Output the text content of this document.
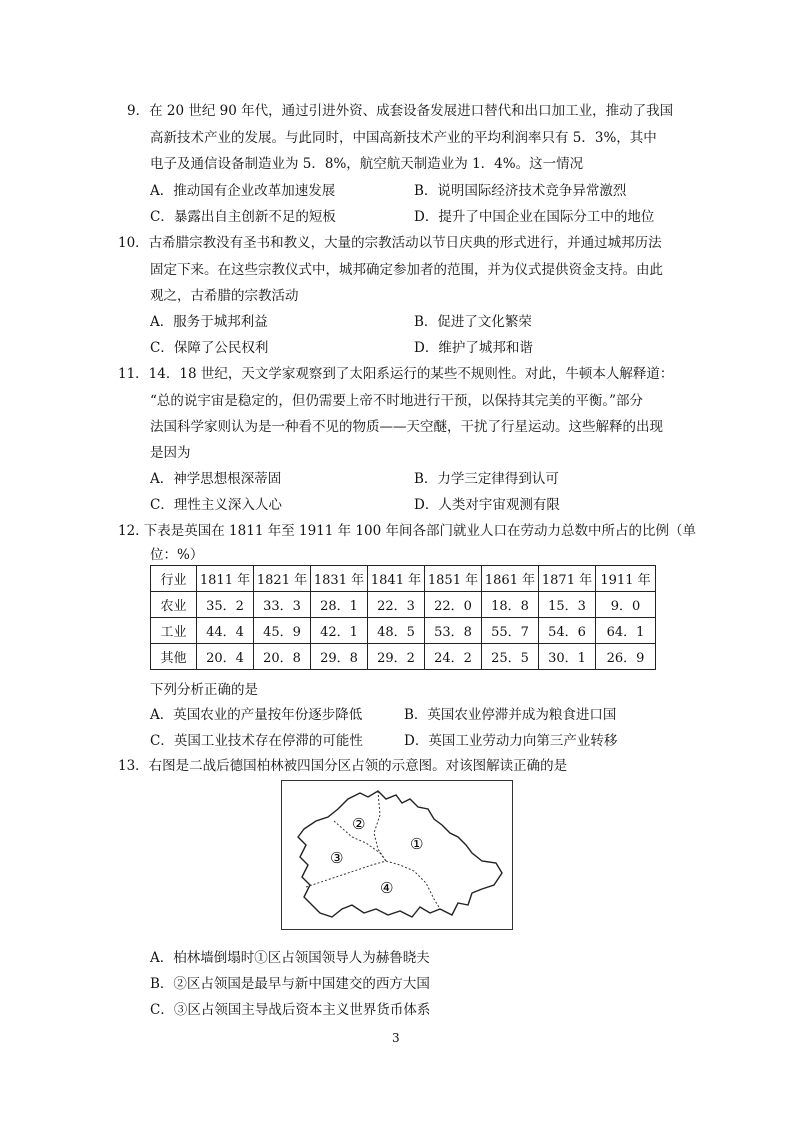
9．在 20 世纪 90 年代，通过引进外资、成套设备发展进口替代和出口加工业，推动了我国
高新技术产业的发展。与此同时，中国高新技术产业的平均利润率只有 5．3%，其中
电子及通信设备制造业为 5．8%，航空航天制造业为 1．4%。这一情况
A．推动国有企业改革加速发展	B．说明国际经济技术竞争异常激烈
C．暴露出自主创新不足的短板	D．提升了中国企业在国际分工中的地位
10．古希腊宗教没有圣书和教义，大量的宗教活动以节日庆典的形式进行，并通过城邦历法
固定下来。在这些宗教仪式中，城邦确定参加者的范围，并为仪式提供资金支持。由此
观之，古希腊的宗教活动
A．服务于城邦利益	B．促进了文化繁荣
C．保障了公民权利	D．维护了城邦和谐
11．14．18 世纪，天文学家观察到了太阳系运行的某些不规则性。对此，牛顿本人解释道：
“总的说宇宙是稳定的，但仍需要上帝不时地进行干预，以保持其完美的平衡。”部分
法国科学家则认为是一种看不见的物质——天空醚，干扰了行星运动。这些解释的出现
是因为
A．神学思想根深蒂固	B．力学三定律得到认可
C．理性主义深入人心	D．人类对宇宙观测有限
12. 下表是英国在 1811 年至 1911 年 100 年间各部门就业人口在劳动力总数中所占的比例（单
位：%）
行业	1811 年	1821 年	1831 年	1841 年	1851 年	1861 年	1871 年	1911 年
农业	35．2	33．3	28．1	22．3	22．0	18．8	15．3	9．0
工业	44．4	45．9	42．1	48．5	53．8	55．7	54．6	64．1
其他	20．4	20．8	29．8	29．2	24．2	25．5	30．1	26．9
下列分析正确的是
A．英国农业的产量按年份逐步降低	B．英国农业停滞并成为粮食进口国
C．英国工业技术存在停滞的可能性	D．英国工业劳动力向第三产业转移
13．右图是二战后德国柏林被四国分区占领的示意图。对该图解读正确的是
②
①
③
④
A．柏林墙倒塌时①区占领国领导人为赫鲁晓夫
B．②区占领国是最早与新中国建交的西方大国
C．③区占领国主导战后资本主义世界货币体系
3
